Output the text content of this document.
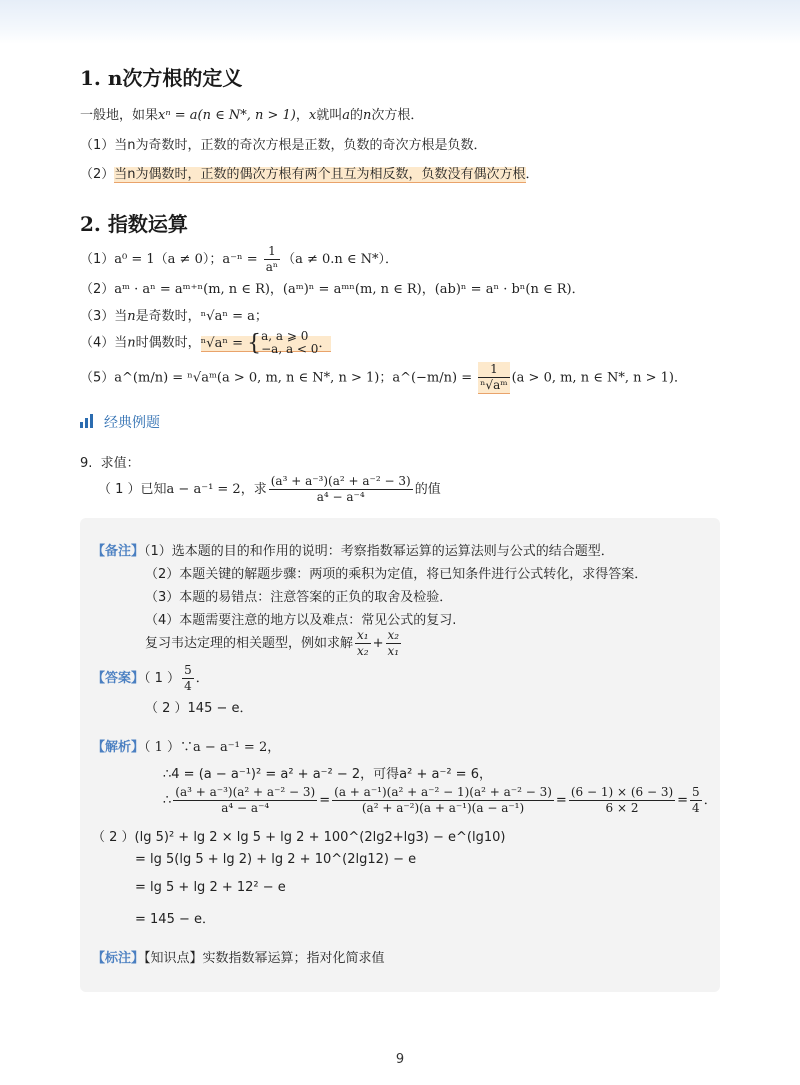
1. n次方根的定义
一般地，如果xⁿ = a(n ∈ N*, n > 1)，x就叫a的n次方根．
（1）当n为奇数时，正数的奇次方根是正数，负数的奇次方根是负数．
（2）当n为偶数时，正数的偶次方根有两个且互为相反数，负数没有偶次方根．
2. 指数运算
（1）a⁰ = 1（a ≠ 0）；$a^{-n} = \frac{1}{\text{aⁿ}} (a \ne 0.n$ ∈ N*）．
（2）aᵐ · aⁿ = aᵐ⁺ⁿ(m, n ∈ R)，(aᵐ)ⁿ = aᵐⁿ(m, n ∈ R)，(ab)ⁿ = aⁿ · bⁿ(n ∈ R)．
（3）当n是奇数时，ⁿ√aⁿ = a；
（4）当n时偶数时，ⁿ√aⁿ = { a, a ⩾ 0
−a, a < 0 ．
（5）a^(m/n) = ⁿ√aᵐ(a > 0, m, n ∈ N*, n > 1)；a^(−m/n) = $\frac{1}{\text{ⁿ√aᵐ}} (a > 0$, m, n ∈ N*, n > 1)．
经典例题
9. 求值：
（ 1 ）已知a − a⁻¹ = 2，求 $\frac{\text{(a³ + a⁻³)(a² + a⁻² − 3)}}{\text{a⁴ − a⁻⁴}}$ 的值
【备注】（1）选本题的目的和作用的说明：考察指数幂运算的运算法则与公式的结合题型．
（2）本题关键的解题步骤：两项的乘积为定值，将已知条件进行公式转化，求得答案．
（3）本题的易错点：注意答案的正负的取舍及检验．
（4）本题需要注意的地方以及难点：常见公式的复习.
复习韦达定理的相关题型，例如求解 $\frac{\text{x₁}}{\text{x₂}} + \frac{\text{x₂}}{\text{x₁}}$
【答案】（ 1 ） $\frac{5}{4}$ ．
（ 2 ）145 − e．
【解析】（ 1 ）∵a − a⁻¹ = 2，
∴4 = (a − a⁻¹)² = a² + a⁻² − 2，可得a² + a⁻² = 6，
∴ $\frac{\text{(a³ + a⁻³)(a² + a⁻² − 3)}}{\text{a⁴ − a⁻⁴}} = \frac{\text{(a + a⁻¹)(a² + a⁻² − 1)(a² + a⁻² − 3)}}{\text{(a² + a⁻²)(a + a⁻¹)(a − a⁻¹)}} = \frac{(6 - 1) \times (6 - 3)}{6 \times 2} = \frac{5}{4}$ ．
（ 2 ）(lg 5)² + lg 2 × lg 5 + lg 2 + 100^(2lg2+lg3) − e^(lg10)
= lg 5(lg 5 + lg 2) + lg 2 + 10^(2lg12) − e
= lg 5 + lg 2 + 12² − e
= 145 − e．
【标注】【知识点】实数指数幂运算；指对化简求值
9
